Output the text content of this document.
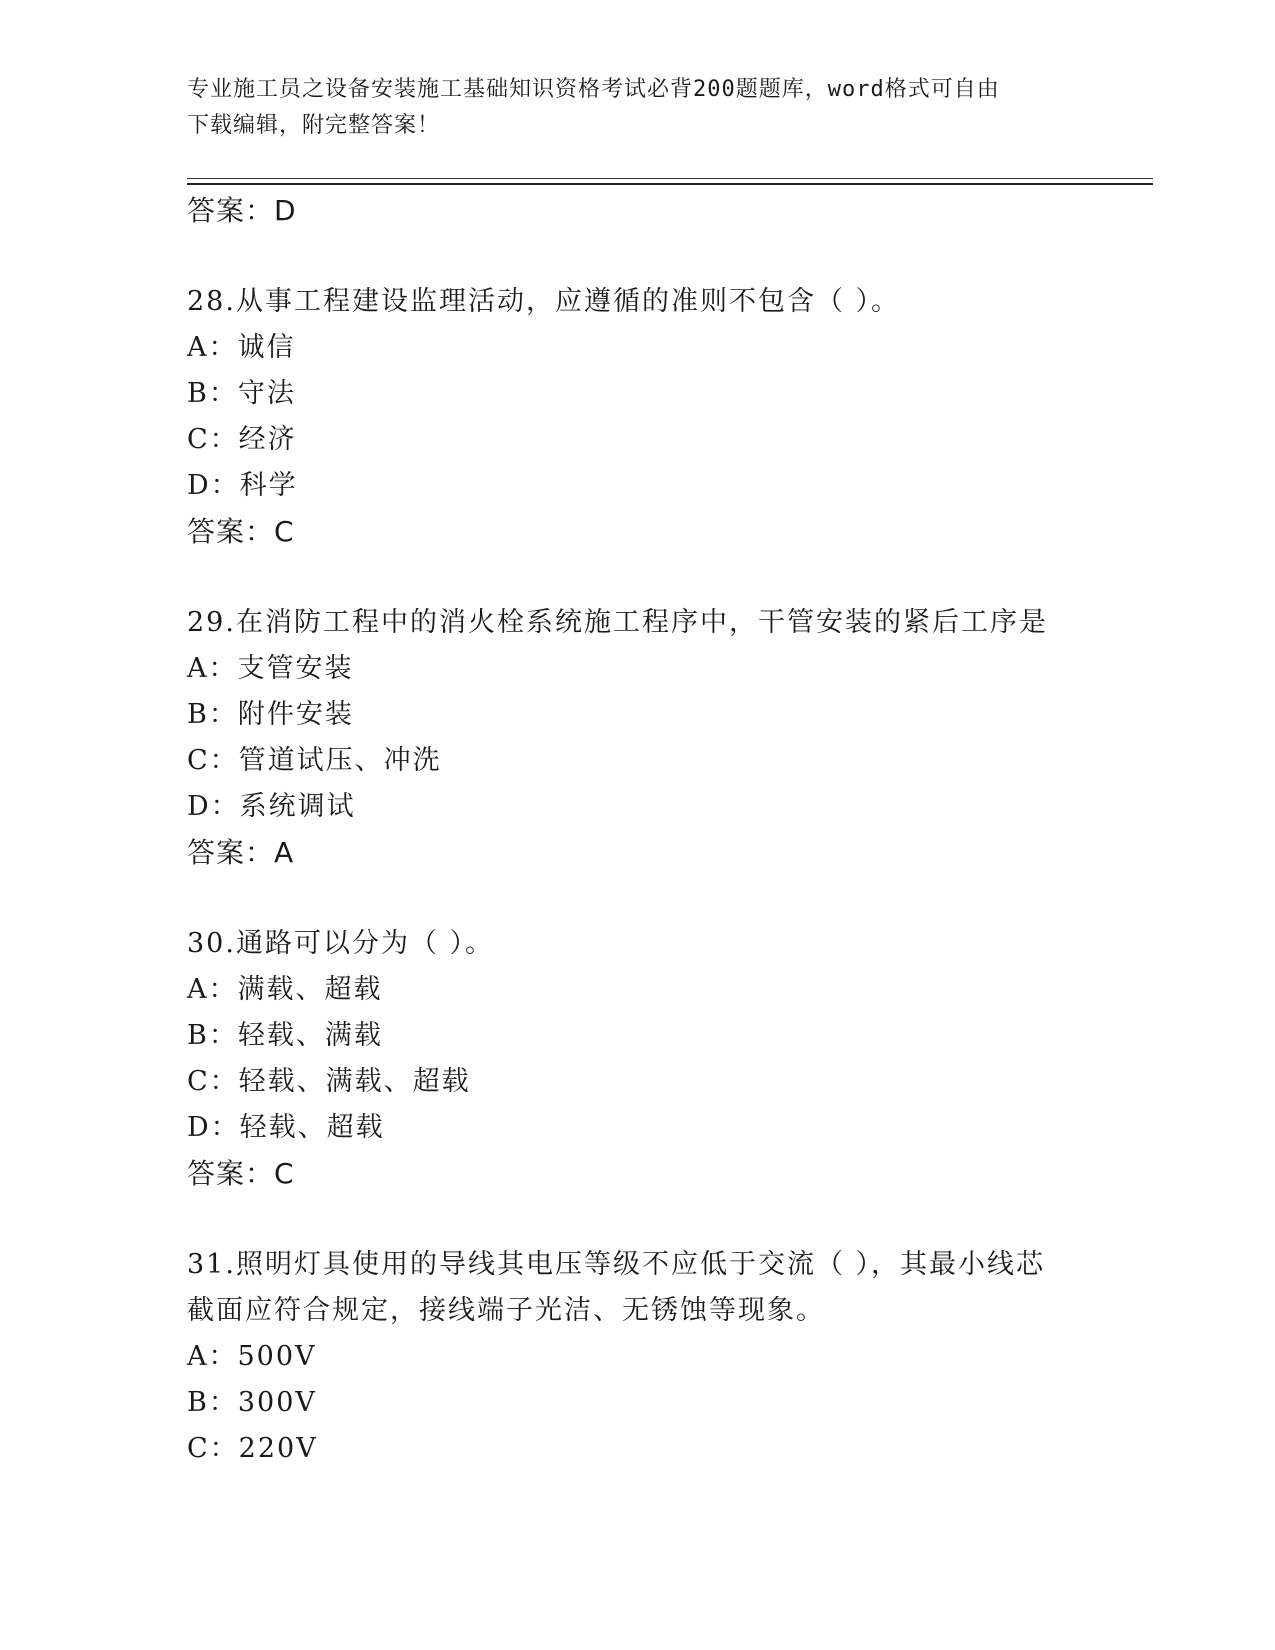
专业施工员之设备安装施工基础知识资格考试必背200题题库，word格式可自由

下载编辑，附完整答案！

答案：D
28.从事工程建设监理活动，应遵循的准则不包含（ ）。
A：诚信
B：守法
C：经济
D：科学
答案：C
29.在消防工程中的消火栓系统施工程序中，干管安装的紧后工序是
A：支管安装
B：附件安装
C：管道试压、冲洗
D：系统调试
答案：A
30.通路可以分为（ ）。
A：满载、超载
B：轻载、满载
C：轻载、满载、超载
D：轻载、超载
答案：C
31.照明灯具使用的导线其电压等级不应低于交流（ ），其最小线芯
截面应符合规定，接线端子光洁、无锈蚀等现象。
A：500V
B：300V
C：220V
